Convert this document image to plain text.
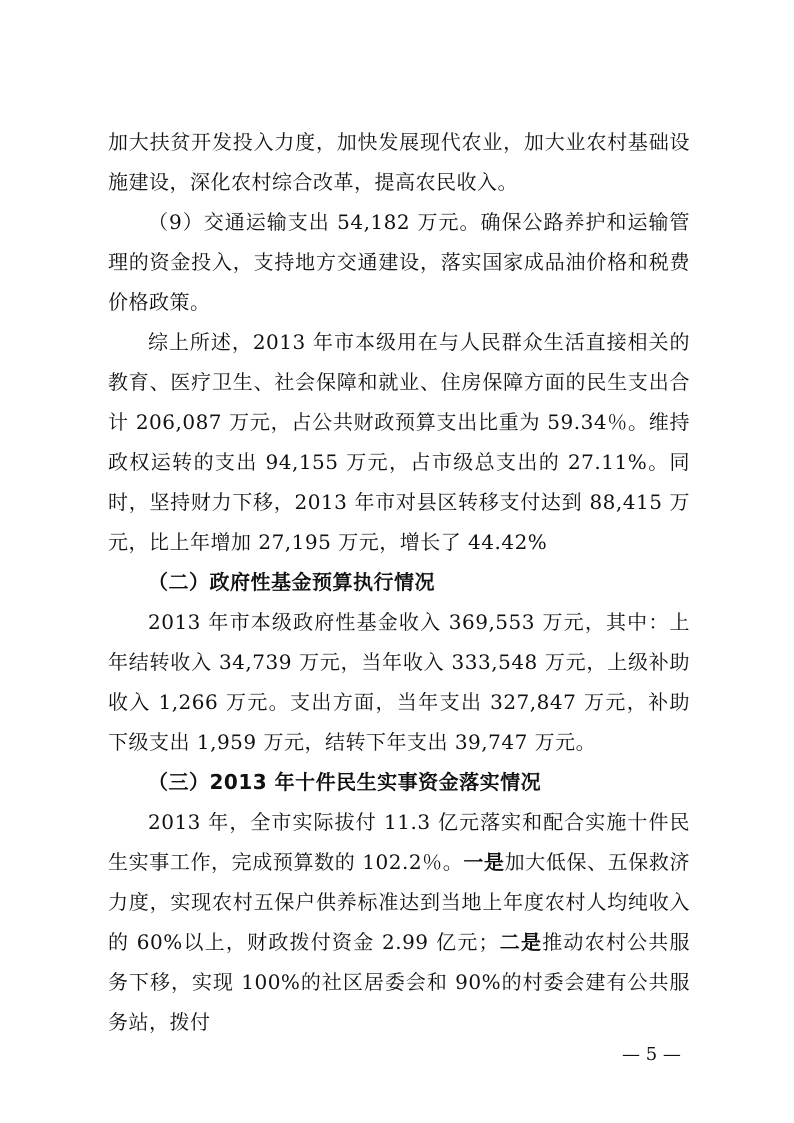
加大扶贫开发投入力度，加快发展现代农业，加大业农村基础设施建设，深化农村综合改革，提高农民收入。

（9）交通运输支出 54,182 万元。确保公路养护和运输管理的资金投入，支持地方交通建设，落实国家成品油价格和税费价格政策。

综上所述，2013 年市本级用在与人民群众生活直接相关的教育、医疗卫生、社会保障和就业、住房保障方面的民生支出合计 206,087 万元，占公共财政预算支出比重为 59.34％。维持政权运转的支出 94,155 万元，占市级总支出的 27.11%。同时，坚持财力下移，2013 年市对县区转移支付达到 88,415 万元，比上年增加 27,195 万元，增长了 44.42%

（二）政府性基金预算执行情况

2013 年市本级政府性基金收入 369,553 万元，其中：上年结转收入 34,739 万元，当年收入 333,548 万元，上级补助收入 1,266 万元。支出方面，当年支出 327,847 万元，补助下级支出 1,959 万元，结转下年支出 39,747 万元。

（三）2013 年十件民生实事资金落实情况

2013 年，全市实际拔付 11.3 亿元落实和配合实施十件民生实事工作，完成预算数的 102.2％。一是加大低保、五保救济力度，实现农村五保户供养标准达到当地上年度农村人均纯收入的 60%以上，财政拨付资金 2.99 亿元；二是推动农村公共服务下移，实现 100%的社区居委会和 90%的村委会建有公共服务站，拨付

— 5 —
